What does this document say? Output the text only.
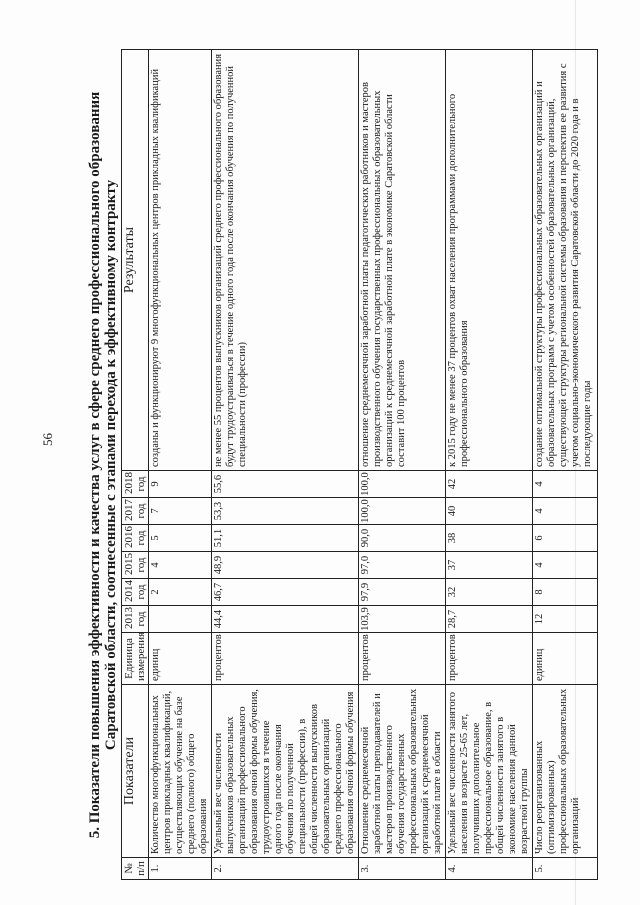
56 5. Показатели повышения эффективности и качества услуг в сфере среднего профессионального образования Саратовской области, соотнесенные с этапами перехода к эффективному контракту
№ п/п	Показатели	Единица измерения	2013 год	2014 год	2015 год	2016 год	2017 год	2018 год	Результаты
1.	Количество многофункциональных центров прикладных квалификаций, осуществляющих обучение на базе среднего (полного) общего образования	единиц		2	4	5	7	9	созданы и функционируют 9 многофункциональных центров прикладных квалификаций
2.	Удельный вес численности выпускников образовательных организаций профессионального образования очной формы обучения, трудоустроившихся в течение одного года после окончания обучения по полученной специальности (профессии), в общей численности выпускников образовательных организаций среднего профессионального образования очной формы обучения	процентов	44,4	46,7	48,9	51,1	53,3	55,6	не менее 55 процентов выпускников организаций среднего профессионального образования будут трудоустраиваться в течение одного года после окончания обучения по полученной специальности (профессии)
3.	Отношение среднемесячной заработной платы преподавателей и мастеров производственного обучения государственных профессиональных образовательных организаций к среднемесячной заработной плате в области	процентов	103,9	97,9	97,0	90,0	100,0	100,0	отношение среднемесячной заработной платы педагогических работников и мастеров производственного обучения государственных профессиональных образовательных организаций к среднемесячной заработной плате в экономике Саратовской области составит 100 процентов
4.	Удельный вес численности занятого населения в возрасте 25-65 лет, получивших дополнительное профессиональное образование, в общей численности занятого в экономике населения данной возрастной группы	процентов	28,7	32	37	38	40	42	к 2015 году не менее 37 процентов охват населения программами дополнительного профессионального образования
5.	Число реорганизованных (оптимизированных) профессиональных образовательных организаций	единиц	12	8	4	6	4	4	создание оптимальной структуры профессиональных образовательных организаций и образовательных программ с учетом особенностей образовательных организаций, существующей структуры региональной системы образования и перспектив ее развития с учетом социально-экономического развития Саратовской области до 2020 года и в последующие годы
